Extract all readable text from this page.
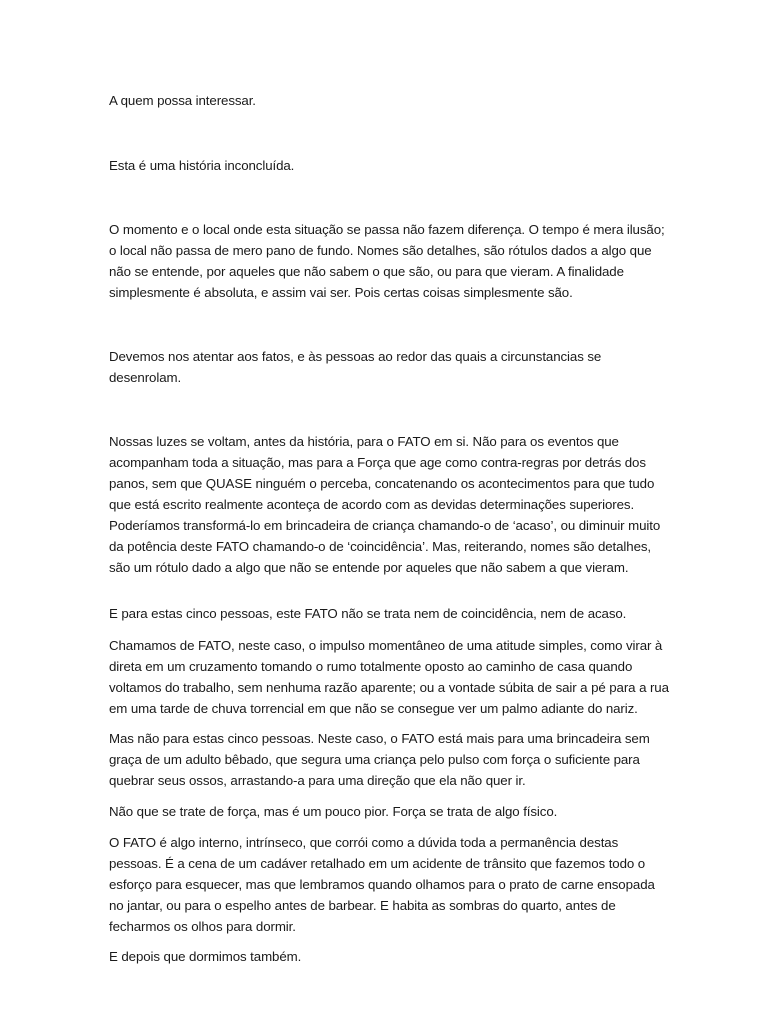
A quem possa interessar.

Esta é uma história inconcluída.

O momento e o local onde esta situação se passa não fazem diferença. O tempo é mera ilusão; o local não passa de mero pano de fundo. Nomes são detalhes, são rótulos dados a algo que não se entende, por aqueles que não sabem o que são, ou para que vieram. A finalidade simplesmente é absoluta, e assim vai ser. Pois certas coisas simplesmente são.

Devemos nos atentar aos fatos, e às pessoas ao redor das quais a circunstancias se desenrolam.

Nossas luzes se voltam, antes da história, para o FATO em si. Não para os eventos que acompanham toda a situação, mas para a Força que age como contra-regras por detrás dos panos, sem que QUASE ninguém o perceba, concatenando os acontecimentos para que tudo que está escrito realmente aconteça de acordo com as devidas determinações superiores. Poderíamos transformá-lo em brincadeira de criança chamando-o de ‘acaso’, ou diminuir muito da potência deste FATO chamando-o de ‘coincidência’. Mas, reiterando, nomes são detalhes, são um rótulo dado a algo que não se entende por aqueles que não sabem a que vieram.

E para estas cinco pessoas, este FATO não se trata nem de coincidência, nem de acaso.

Chamamos de FATO, neste caso, o impulso momentâneo de uma atitude simples, como virar à direta em um cruzamento tomando o rumo totalmente oposto ao caminho de casa quando voltamos do trabalho, sem nenhuma razão aparente; ou a vontade súbita de sair a pé para a rua em uma tarde de chuva torrencial em que não se consegue ver um palmo adiante do nariz.

Mas não para estas cinco pessoas. Neste caso, o FATO está mais para uma brincadeira sem graça de um adulto bêbado, que segura uma criança pelo pulso com força o suficiente para quebrar seus ossos, arrastando-a para uma direção que ela não quer ir.

Não que se trate de força, mas é um pouco pior. Força se trata de algo físico.

O FATO é algo interno, intrínseco, que corrói como a dúvida toda a permanência destas pessoas. É a cena de um cadáver retalhado em um acidente de trânsito que fazemos todo o esforço para esquecer, mas que lembramos quando olhamos para o prato de carne ensopada no jantar, ou para o espelho antes de barbear. E habita as sombras do quarto, antes de fecharmos os olhos para dormir.

E depois que dormimos também.
